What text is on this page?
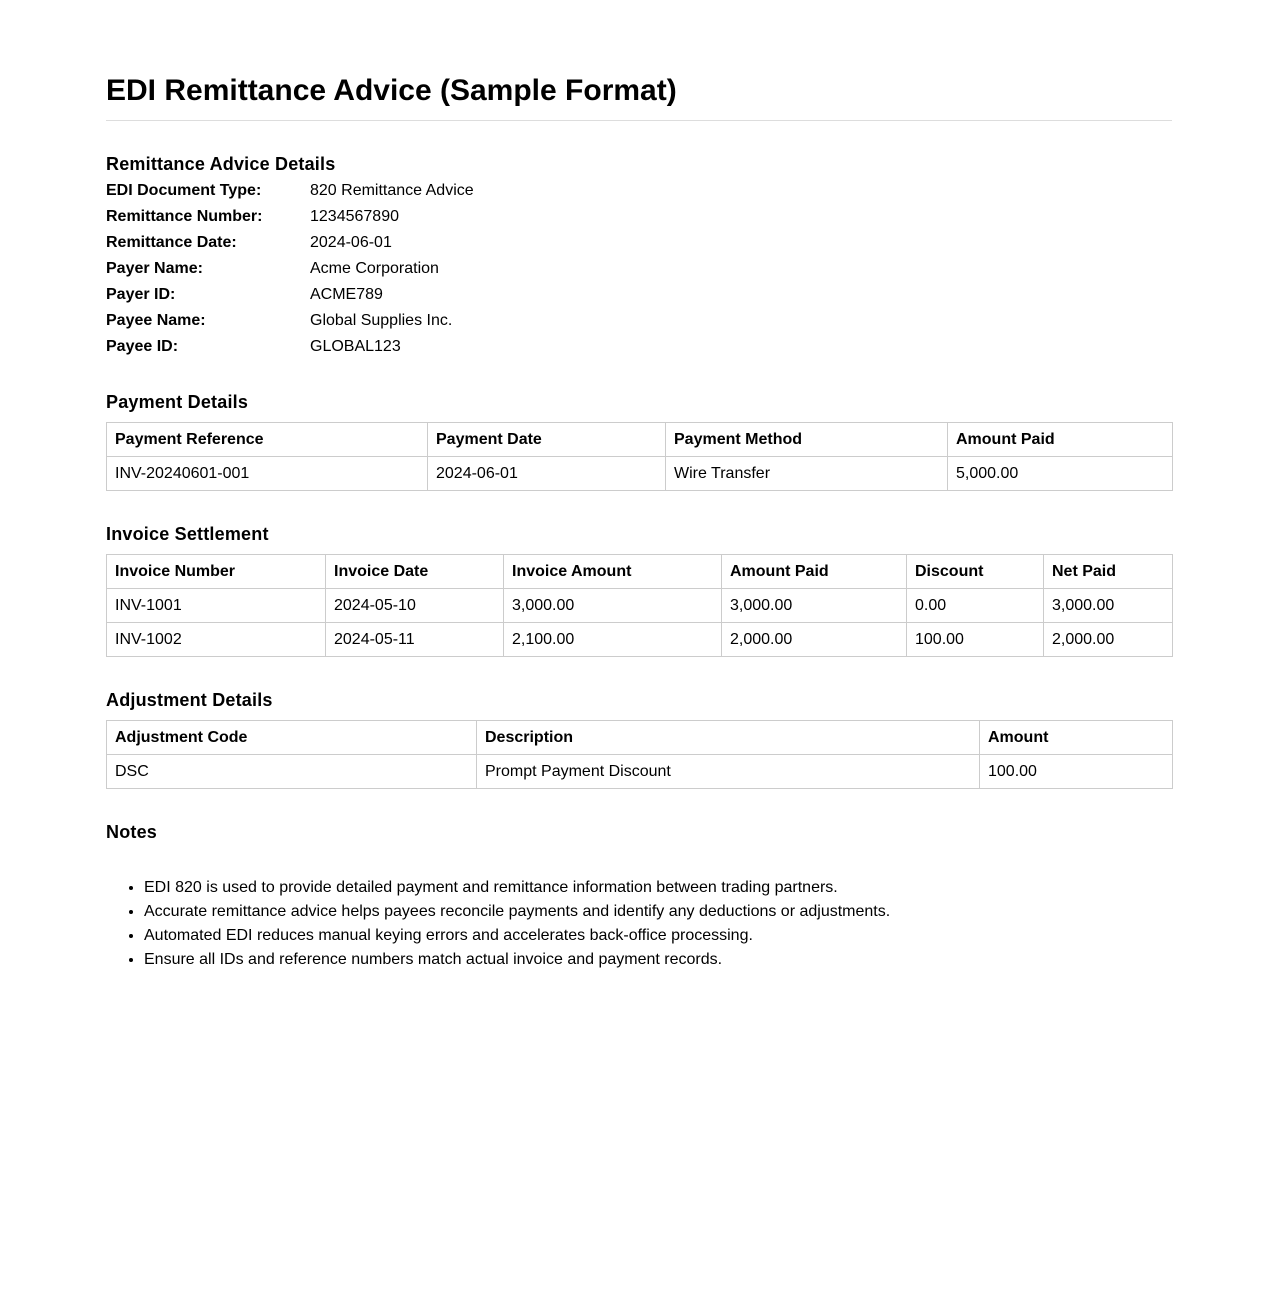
EDI Remittance Advice (Sample Format)
Remittance Advice Details
EDI Document Type:	820 Remittance Advice
Remittance Number:	1234567890
Remittance Date:	2024-06-01
Payer Name:	Acme Corporation
Payer ID:	ACME789
Payee Name:	Global Supplies Inc.
Payee ID:	GLOBAL123
Payment Details
Payment Reference	Payment Date	Payment Method	Amount Paid
INV-20240601-001	2024-06-01	Wire Transfer	5,000.00
Invoice Settlement
Invoice Number	Invoice Date	Invoice Amount	Amount Paid	Discount	Net Paid
INV-1001	2024-05-10	3,000.00	3,000.00	0.00	3,000.00
INV-1002	2024-05-11	2,100.00	2,000.00	100.00	2,000.00
Adjustment Details
Adjustment Code	Description	Amount
DSC	Prompt Payment Discount	100.00
Notes
• EDI 820 is used to provide detailed payment and remittance information between trading partners.
• Accurate remittance advice helps payees reconcile payments and identify any deductions or adjustments.
• Automated EDI reduces manual keying errors and accelerates back-office processing.
• Ensure all IDs and reference numbers match actual invoice and payment records.
